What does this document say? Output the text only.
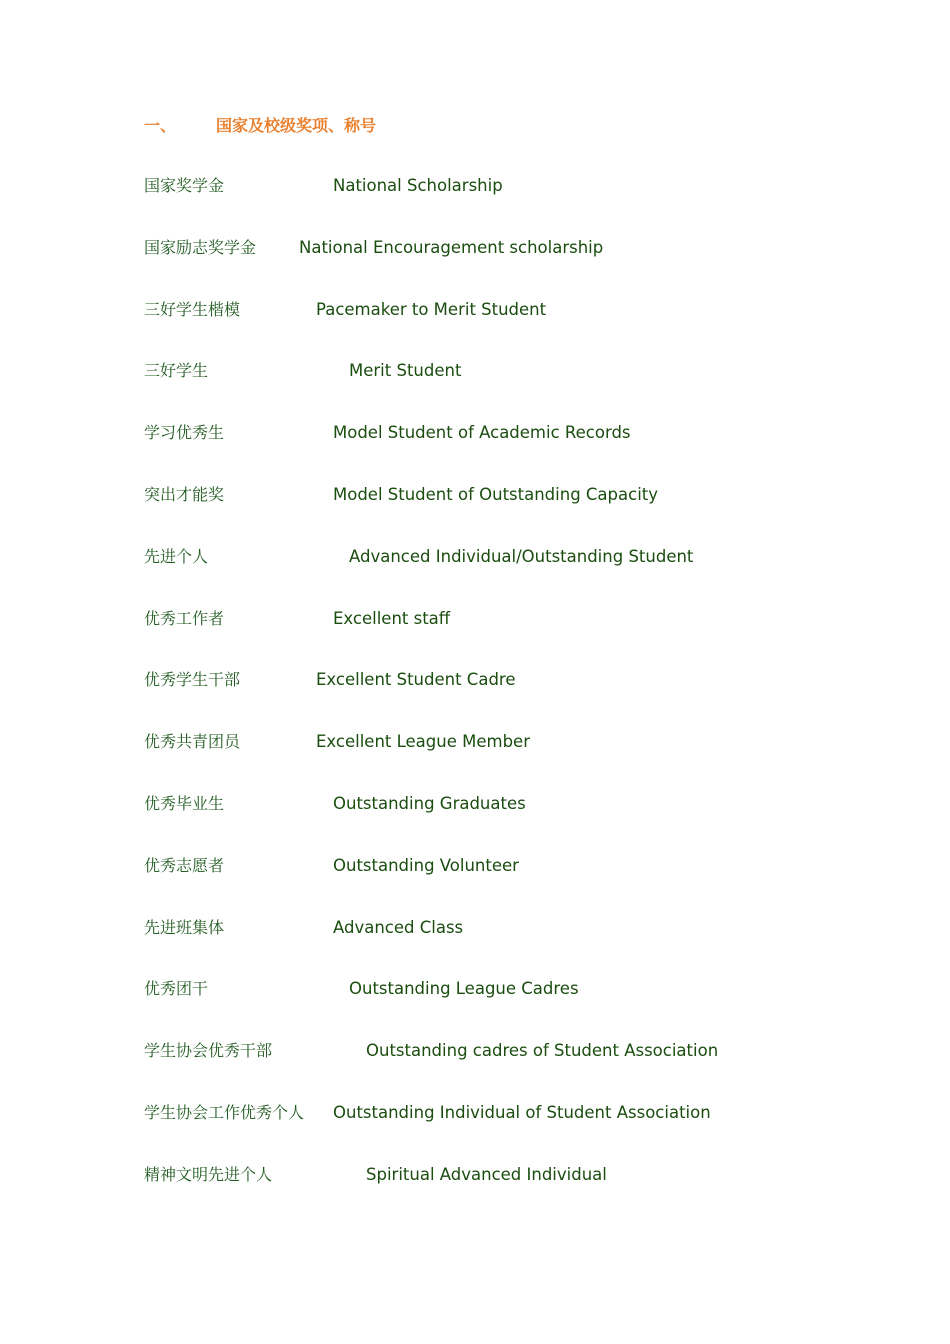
一、 国家及校级奖项、称号
国家奖学金	National Scholarship
国家励志奖学金	National Encouragement scholarship
三好学生楷模	Pacemaker to Merit Student
三好学生	Merit Student
学习优秀生	Model Student of Academic Records
突出才能奖	Model Student of Outstanding Capacity
先进个人	Advanced Individual/Outstanding Student
优秀工作者	Excellent staff
优秀学生干部	Excellent Student Cadre
优秀共青团员	Excellent League Member
优秀毕业生	Outstanding Graduates
优秀志愿者	Outstanding Volunteer
先进班集体	Advanced Class
优秀团干	Outstanding League Cadres
学生协会优秀干部	Outstanding cadres of Student Association
学生协会工作优秀个人 Outstanding Individual of Student Association
精神文明先进个人	Spiritual Advanced Individual
